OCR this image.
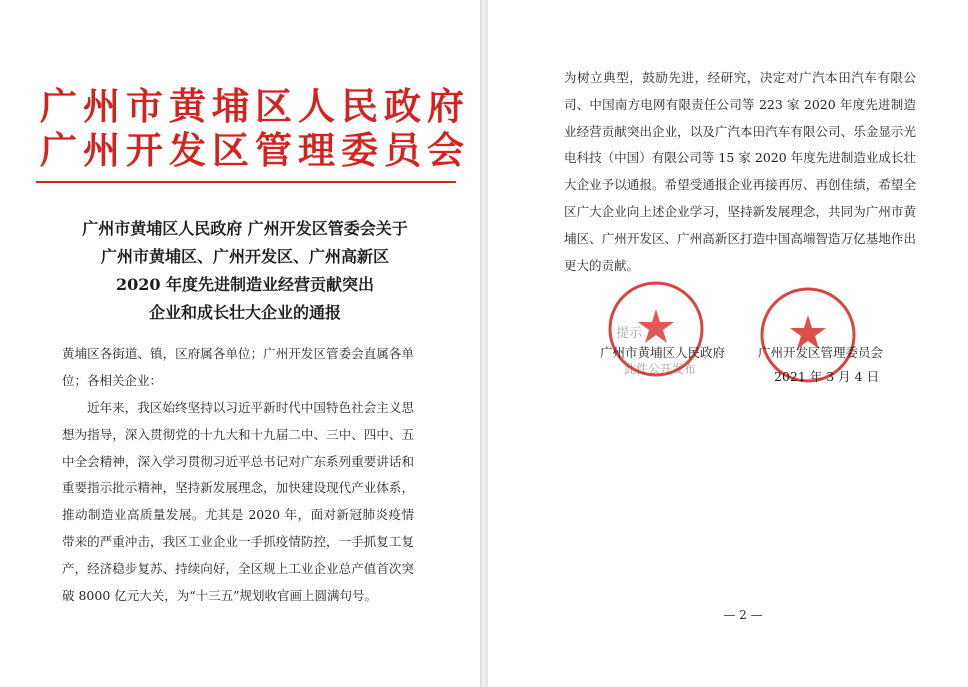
广州市黄埔区人民政府
广州开发区管理委员会
广州市黄埔区人民政府 广州开发区管委会关于
广州市黄埔区、广州开发区、广州高新区
2020 年度先进制造业经营贡献突出
企业和成长壮大企业的通报
黄埔区各街道、镇，区府属各单位；广州开发区管委会直属各单位；各相关企业：
近年来，我区始终坚持以习近平新时代中国特色社会主义思想为指导，深入贯彻党的十九大和十九届二中、三中、四中、五中全会精神，深入学习贯彻习近平总书记对广东系列重要讲话和重要指示批示精神，坚持新发展理念，加快建设现代产业体系，推动制造业高质量发展。尤其是 2020 年，面对新冠肺炎疫情带来的严重冲击，我区工业企业一手抓疫情防控，一手抓复工复产，经济稳步复苏、持续向好，全区规上工业企业总产值首次突破 8000 亿元大关，为“十三五”规划收官画上圆满句号。
为树立典型，鼓励先进，经研究，决定对广汽本田汽车有限公司、中国南方电网有限责任公司等 223 家 2020 年度先进制造业经营贡献突出企业，以及广汽本田汽车有限公司、乐金显示光电科技（中国）有限公司等 15 家 2020 年度先进制造业成长壮大企业予以通报。希望受通报企业再接再厉、再创佳绩，希望全区广大企业向上述企业学习，坚持新发展理念，共同为广州市黄埔区、广州开发区、广州高新区打造中国高端智造万亿基地作出更大的贡献。
提示
广州市黄埔区人民政府	广州开发区管理委员会
2021 年 3 月 4 日
此件公开发布
— 2 —
